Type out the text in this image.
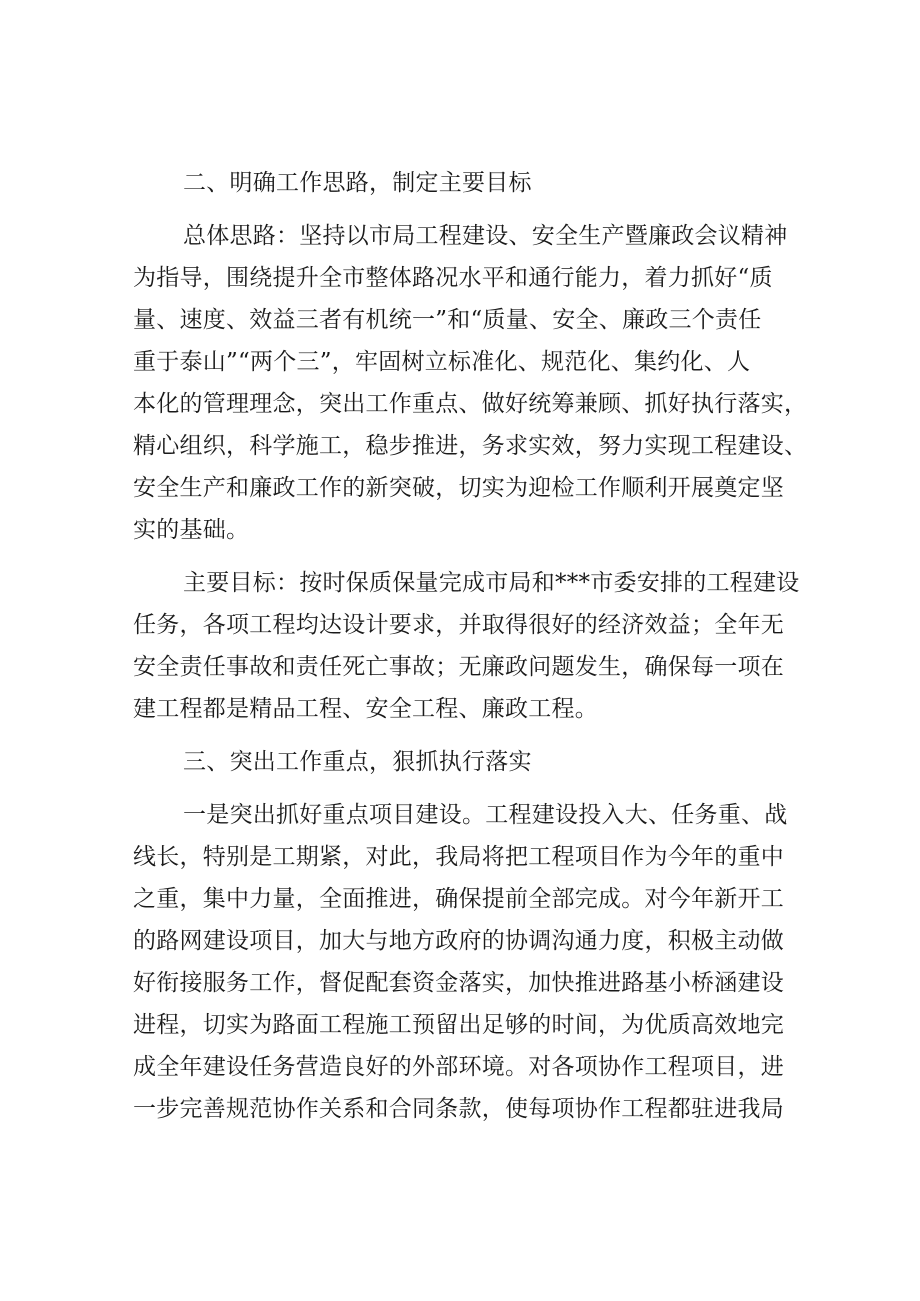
二、明确工作思路，制定主要目标

总体思路：坚持以市局工程建设、安全生产暨廉政会议精神

为指导，围绕提升全市整体路况水平和通行能力，着力抓好“质

量、速度、效益三者有机统一”和“质量、安全、廉政三个责任

重于泰山”“两个三”，牢固树立标准化、规范化、集约化、人

本化的管理理念，突出工作重点、做好统筹兼顾、抓好执行落实，

精心组织，科学施工，稳步推进，务求实效，努力实现工程建设、

安全生产和廉政工作的新突破，切实为迎检工作顺利开展奠定坚

实的基础。

主要目标：按时保质保量完成市局和***市委安排的工程建设

任务，各项工程均达设计要求，并取得很好的经济效益；全年无

安全责任事故和责任死亡事故；无廉政问题发生，确保每一项在

建工程都是精品工程、安全工程、廉政工程。

三、突出工作重点，狠抓执行落实

一是突出抓好重点项目建设。工程建设投入大、任务重、战

线长，特别是工期紧，对此，我局将把工程项目作为今年的重中

之重，集中力量，全面推进，确保提前全部完成。对今年新开工

的路网建设项目，加大与地方政府的协调沟通力度，积极主动做

好衔接服务工作，督促配套资金落实，加快推进路基小桥涵建设

进程，切实为路面工程施工预留出足够的时间，为优质高效地完

成全年建设任务营造良好的外部环境。对各项协作工程项目，进

一步完善规范协作关系和合同条款，使每项协作工程都驻进我局
